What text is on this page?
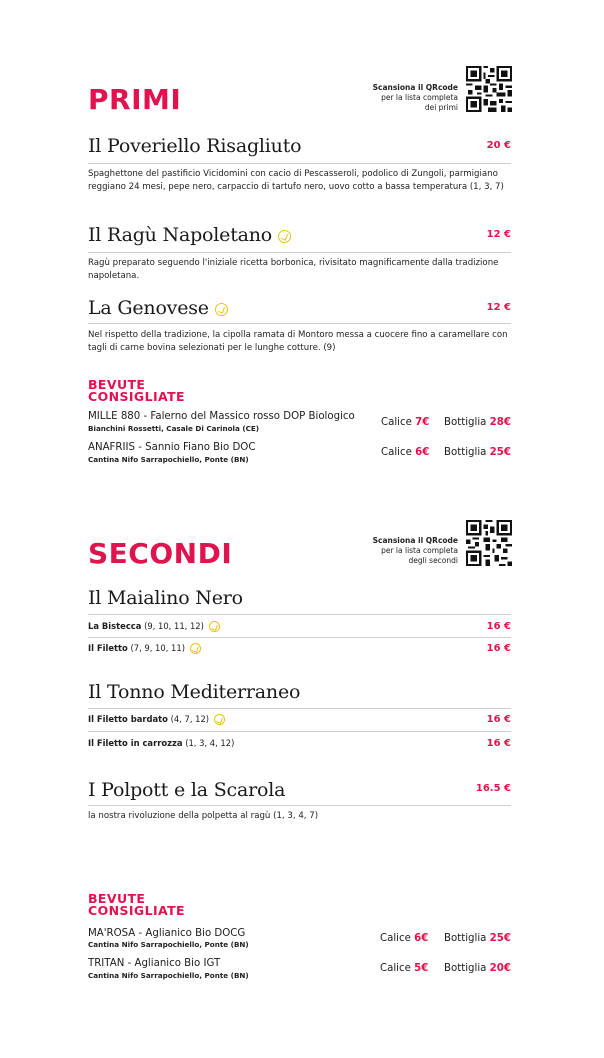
PRIMI	Scansiona il QRcode
per la lista completa
dei primi
Il Poveriello Risagliuto	20 €
Spaghettone del pastificio Vicidomini con cacio di Pescasseroli, podolico di Zungoli, parmigiano reggiano 24 mesi, pepe nero, carpaccio di tartufo nero, uovo cotto a bassa temperatura (1, 3, 7)
Il Ragù Napoletano	12 €
Ragù preparato seguendo l'iniziale ricetta borbonica, rivisitato magnificamente dalla tradizione napoletana.
La Genovese	12 €
Nel rispetto della tradizione, la cipolla ramata di Montoro messa a cuocere fino a caramellare con tagli di carne bovina selezionati per le lunghe cotture. (9)
BEVUTE
CONSIGLIATE
MILLE 880 - Falerno del Massico rosso DOP Biologico
Bianchini Rossetti, Casale Di Carinola (CE)
Calice 7€ Bottiglia 28€
ANAFRIIS - Sannio Fiano Bio DOC
Cantina Nifo Sarrapochiello, Ponte (BN)
Calice 6€ Bottiglia 25€
SECONDI	Scansiona il QRcode
per la lista completa
degli secondi
Il Maialino Nero
La Bistecca (9, 10, 11, 12)	16 €
Il Filetto (7, 9, 10, 11)	16 €
Il Tonno Mediterraneo
Il Filetto bardato (4, 7, 12)	16 €
Il Filetto in carrozza (1, 3, 4, 12)	16 €
I Polpott e la Scarola	16.5 €
la nostra rivoluzione della polpetta al ragù (1, 3, 4, 7)
BEVUTE
CONSIGLIATE
MA'ROSA - Aglianico Bio DOCG
Cantina Nifo Sarrapochiello, Ponte (BN)
Calice 6€ Bottiglia 25€
TRITAN - Aglianico Bio IGT
Cantina Nifo Sarrapochiello, Ponte (BN)
Calice 5€ Bottiglia 20€
